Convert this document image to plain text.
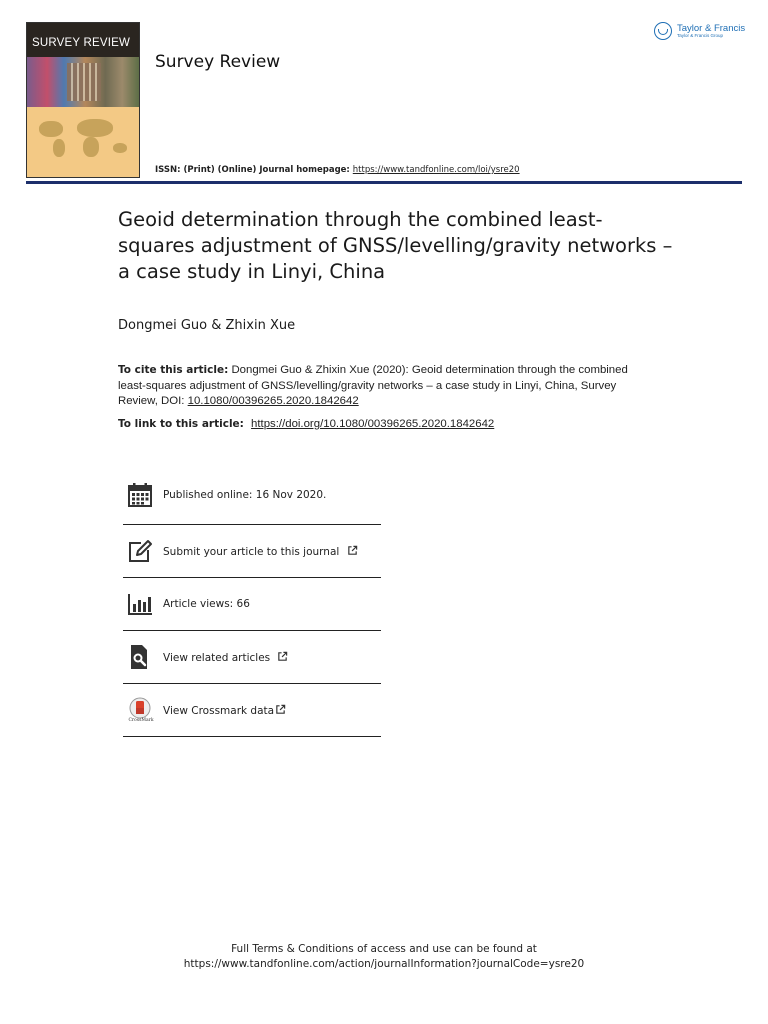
SURVEY REVIEW
Survey Review
Taylor & Francis
Taylor & Francis Group
ISSN: (Print) (Online) Journal homepage: https://www.tandfonline.com/loi/ysre20
Geoid determination through the combined least-squares adjustment of GNSS/levelling/gravity networks – a case study in Linyi, China
Dongmei Guo & Zhixin Xue
To cite this article: Dongmei Guo & Zhixin Xue (2020): Geoid determination through the combined least-squares adjustment of GNSS/levelling/gravity networks – a case study in Linyi, China, Survey Review, DOI: 10.1080/00396265.2020.1842642
To link to this article: https://doi.org/10.1080/00396265.2020.1842642
Published online: 16 Nov 2020.
Submit your article to this journal
Article views: 66
View related articles
CrossMark
View Crossmark data
Full Terms & Conditions of access and use can be found at
https://www.tandfonline.com/action/journalInformation?journalCode=ysre20
